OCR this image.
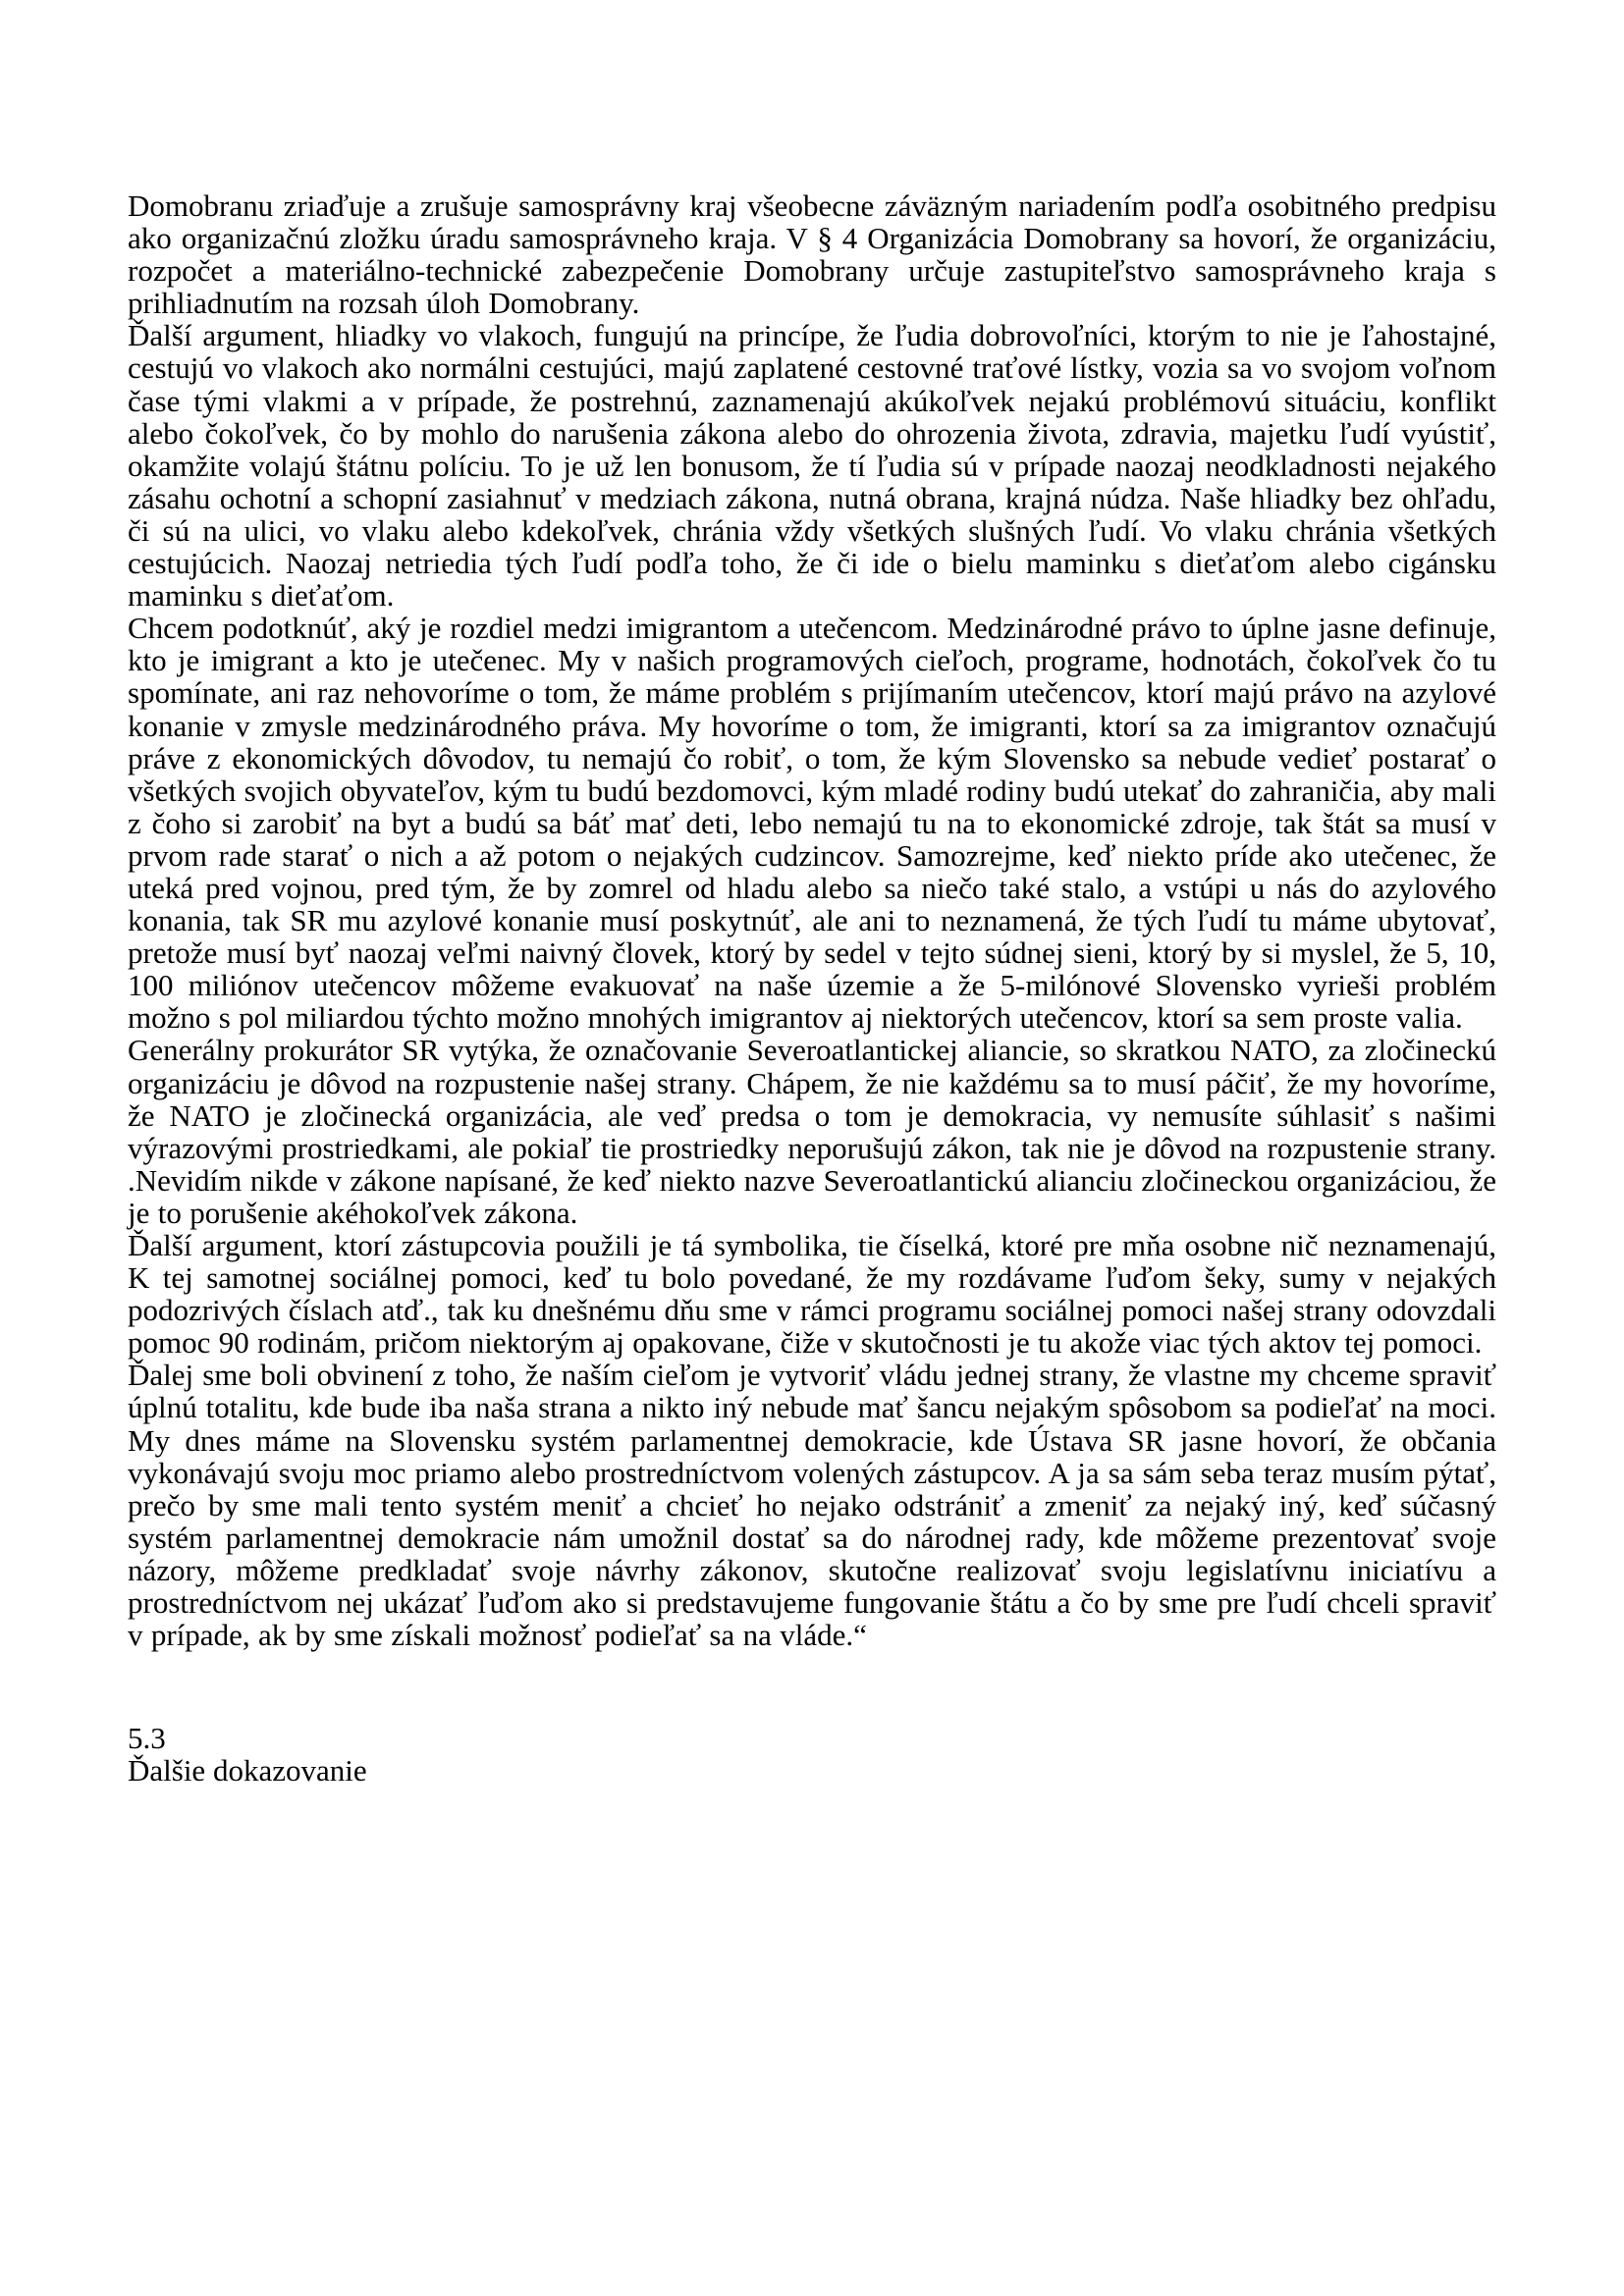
Domobranu zriaďuje a zrušuje samosprávny kraj všeobecne záväzným nariadením podľa osobitného predpisu ako organizačnú zložku úradu samosprávneho kraja. V § 4 Organizácia Domobrany sa hovorí, že organizáciu, rozpočet a materiálno-technické zabezpečenie Domobrany určuje zastupiteľstvo samosprávneho kraja s prihliadnutím na rozsah úloh Domobrany.

Ďalší argument, hliadky vo vlakoch, fungujú na princípe, že ľudia dobrovoľníci, ktorým to nie je ľahostajné, cestujú vo vlakoch ako normálni cestujúci, majú zaplatené cestovné traťové lístky, vozia sa vo svojom voľnom čase tými vlakmi a v prípade, že postrehnú, zaznamenajú akúkoľvek nejakú problémovú situáciu, konflikt alebo čokoľvek, čo by mohlo do narušenia zákona alebo do ohrozenia života, zdravia, majetku ľudí vyústiť, okamžite volajú štátnu políciu. To je už len bonusom, že tí ľudia sú v prípade naozaj neodkladnosti nejakého zásahu ochotní a schopní zasiahnuť v medziach zákona, nutná obrana, krajná núdza. Naše hliadky bez ohľadu, či sú na ulici, vo vlaku alebo kdekoľvek, chránia vždy všetkých slušných ľudí. Vo vlaku chránia všetkých cestujúcich. Naozaj netriedia tých ľudí podľa toho, že či ide o bielu maminku s dieťaťom alebo cigánsku maminku s dieťaťom.

Chcem podotknúť, aký je rozdiel medzi imigrantom a utečencom. Medzinárodné právo to úplne jasne definuje, kto je imigrant a kto je utečenec. My v našich programových cieľoch, programe, hodnotách, čokoľvek čo tu spomínate, ani raz nehovoríme o tom, že máme problém s prijímaním utečencov, ktorí majú právo na azylové konanie v zmysle medzinárodného práva. My hovoríme o tom, že imigranti, ktorí sa za imigrantov označujú práve z ekonomických dôvodov, tu nemajú čo robiť, o tom, že kým Slovensko sa nebude vedieť postarať o všetkých svojich obyvateľov, kým tu budú bezdomovci, kým mladé rodiny budú utekať do zahraničia, aby mali z čoho si zarobiť na byt a budú sa báť mať deti, lebo nemajú tu na to ekonomické zdroje, tak štát sa musí v prvom rade starať o nich a až potom o nejakých cudzincov. Samozrejme, keď niekto príde ako utečenec, že uteká pred vojnou, pred tým, že by zomrel od hladu alebo sa niečo také stalo, a vstúpi u nás do azylového konania, tak SR mu azylové konanie musí poskytnúť, ale ani to neznamená, že tých ľudí tu máme ubytovať, pretože musí byť naozaj veľmi naivný človek, ktorý by sedel v tejto súdnej sieni, ktorý by si myslel, že 5, 10, 100 miliónov utečencov môžeme evakuovať na naše územie a že 5-milónové Slovensko vyrieši problém možno s pol miliardou týchto možno mnohých imigrantov aj niektorých utečencov, ktorí sa sem proste valia.

Generálny prokurátor SR vytýka, že označovanie Severoatlantickej aliancie, so skratkou NATO, za zločineckú organizáciu je dôvod na rozpustenie našej strany. Chápem, že nie každému sa to musí páčiť, že my hovoríme, že NATO je zločinecká organizácia, ale veď predsa o tom je demokracia, vy nemusíte súhlasiť s našimi výrazovými prostriedkami, ale pokiaľ tie prostriedky neporušujú zákon, tak nie je dôvod na rozpustenie strany. .Nevidím nikde v zákone napísané, že keď niekto nazve Severoatlantickú alianciu zločineckou organizáciou, že je to porušenie akéhokoľvek zákona.

Ďalší argument, ktorí zástupcovia použili je tá symbolika, tie číselká, ktoré pre mňa osobne nič neznamenajú, K tej samotnej sociálnej pomoci, keď tu bolo povedané, že my rozdávame ľuďom šeky, sumy v nejakých podozrivých číslach atď., tak ku dnešnému dňu sme v rámci programu sociálnej pomoci našej strany odovzdali pomoc 90 rodinám, pričom niektorým aj opakovane, čiže v skutočnosti je tu akože viac tých aktov tej pomoci.

Ďalej sme boli obvinení z toho, že naším cieľom je vytvoriť vládu jednej strany, že vlastne my chceme spraviť úplnú totalitu, kde bude iba naša strana a nikto iný nebude mať šancu nejakým spôsobom sa podieľať na moci. My dnes máme na Slovensku systém parlamentnej demokracie, kde Ústava SR jasne hovorí, že občania vykonávajú svoju moc priamo alebo prostredníctvom volených zástupcov. A ja sa sám seba teraz musím pýtať, prečo by sme mali tento systém meniť a chcieť ho nejako odstrániť a zmeniť za nejaký iný, keď súčasný systém parlamentnej demokracie nám umožnil dostať sa do národnej rady, kde môžeme prezentovať svoje názory, môžeme predkladať svoje návrhy zákonov, skutočne realizovať svoju legislatívnu iniciatívu a prostredníctvom nej ukázať ľuďom ako si predstavujeme fungovanie štátu a čo by sme pre ľudí chceli spraviť v prípade, ak by sme získali možnosť podieľať sa na vláde.“

5.3
Ďalšie dokazovanie
